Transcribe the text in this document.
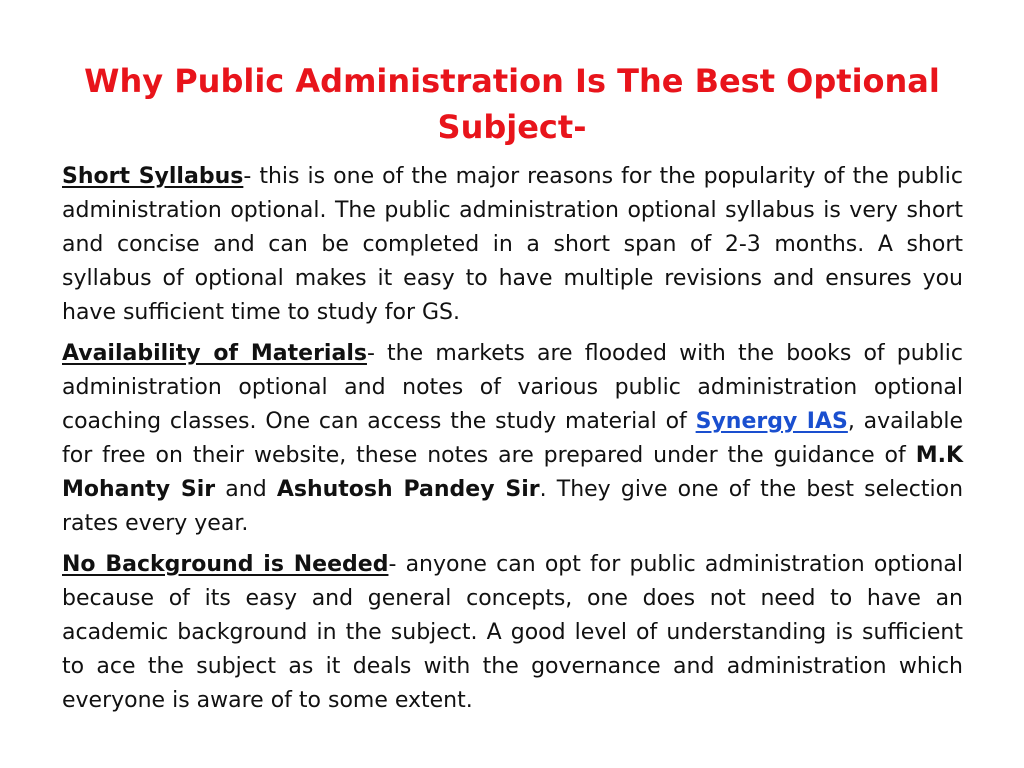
Why Public Administration Is The Best Optional Subject-

Short Syllabus- this is one of the major reasons for the popularity of the public administration optional. The public administration optional syllabus is very short and concise and can be completed in a short span of 2-3 months. A short syllabus of optional makes it easy to have multiple revisions and ensures you have sufficient time to study for GS.

Availability of Materials- the markets are flooded with the books of public administration optional and notes of various public administration optional coaching classes. One can access the study material of Synergy IAS, available for free on their website, these notes are prepared under the guidance of M.K Mohanty Sir and Ashutosh Pandey Sir. They give one of the best selection rates every year.

No Background is Needed- anyone can opt for public administration optional because of its easy and general concepts, one does not need to have an academic background in the subject. A good level of understanding is sufficient to ace the subject as it deals with the governance and administration which everyone is aware of to some extent.
